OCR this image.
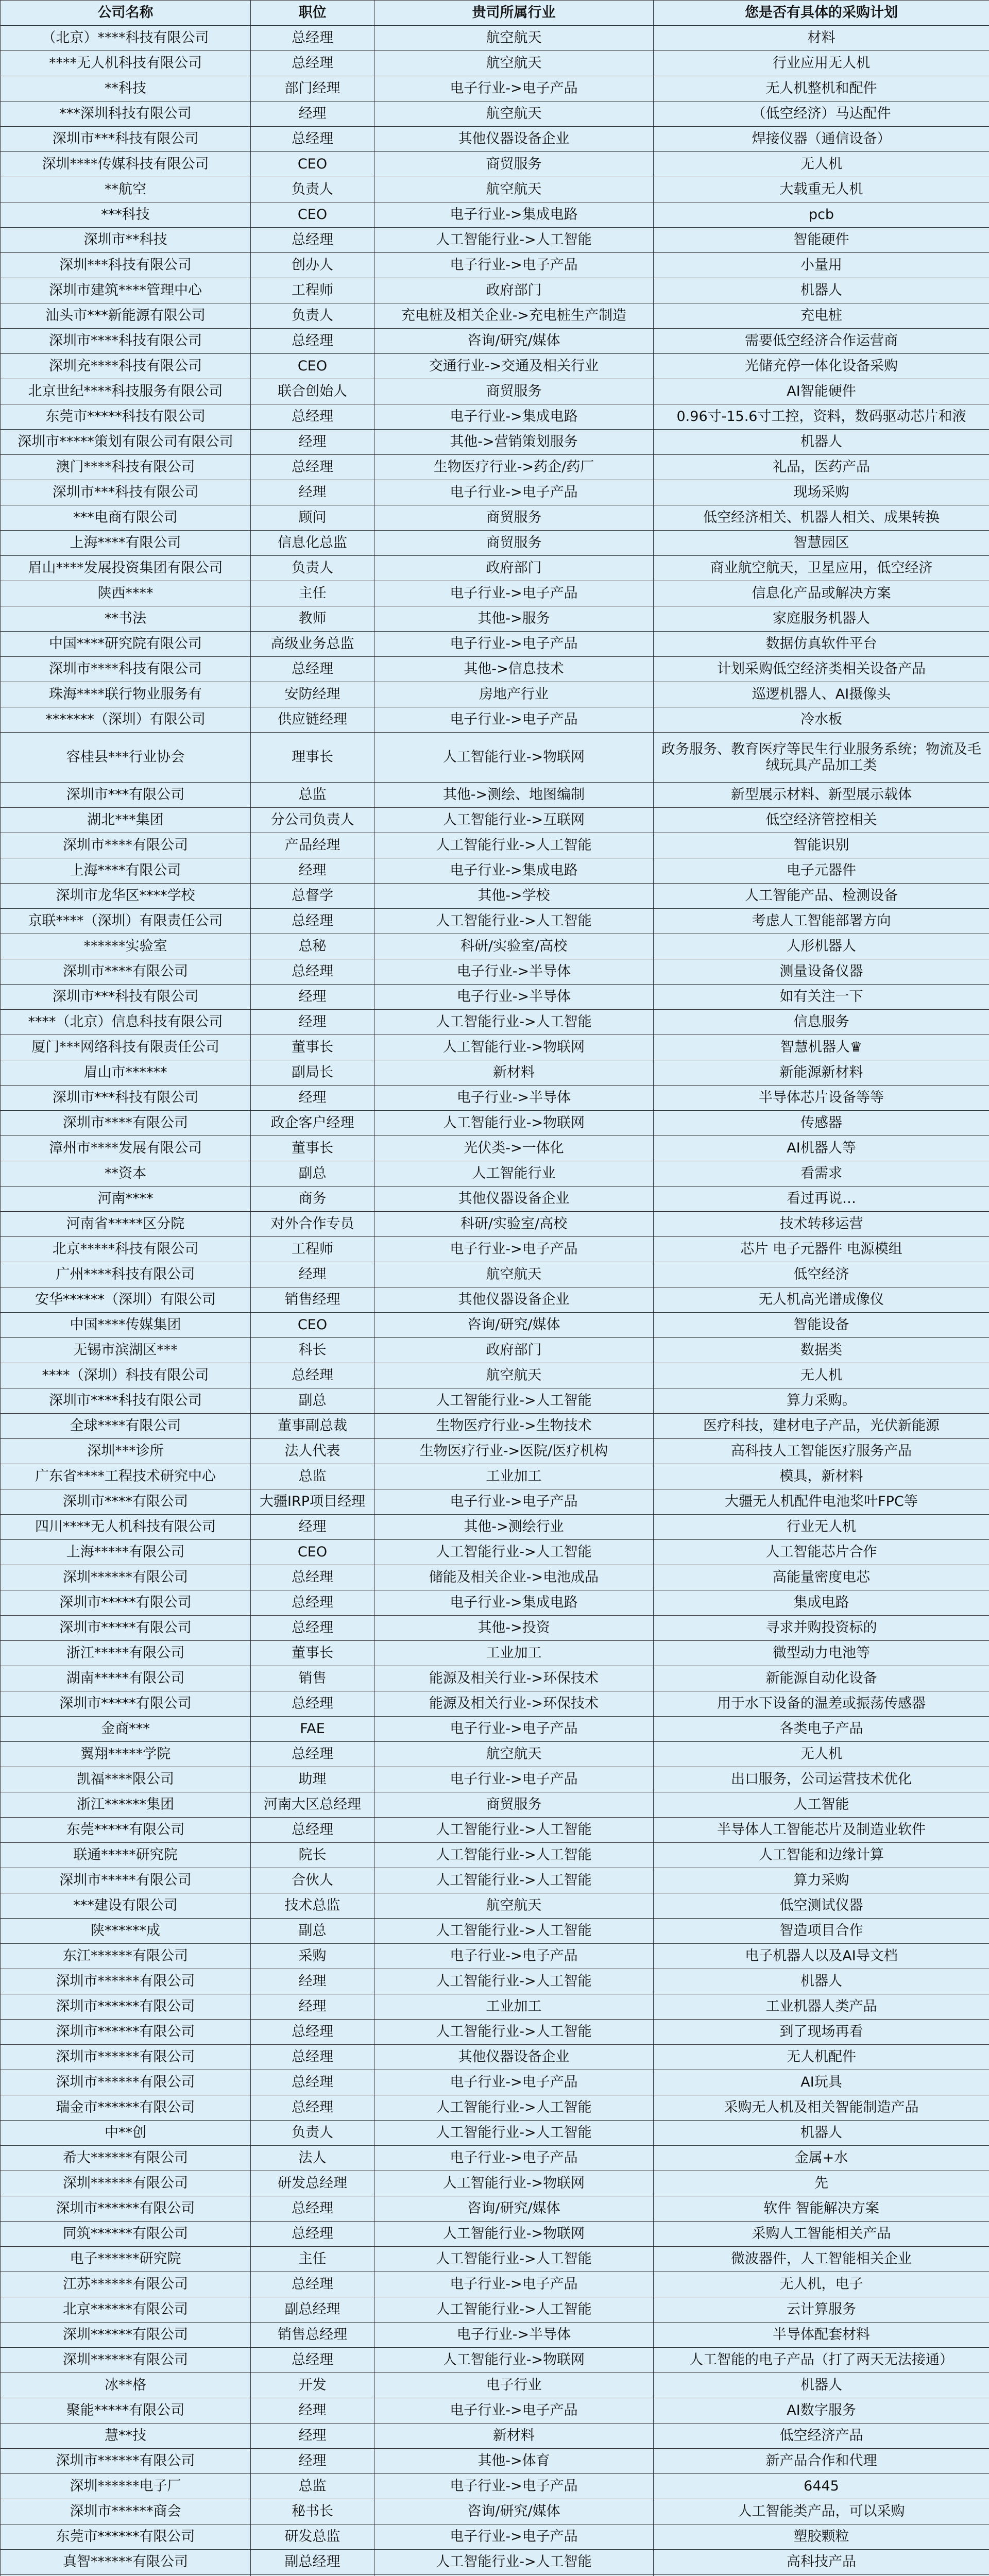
公司名称	职位	贵司所属行业	您是否有具体的采购计划
（北京）****科技有限公司	总经理	航空航天	材料
****无人机科技有限公司	总经理	航空航天	行业应用无人机
**科技	部门经理	电子行业->电子产品	无人机整机和配件
***深圳科技有限公司	经理	航空航天	（低空经济）马达配件
深圳市***科技有限公司	总经理	其他仪器设备企业	焊接仪器（通信设备）
深圳****传媒科技有限公司	CEO	商贸服务	无人机
**航空	负责人	航空航天	大载重无人机
***科技	CEO	电子行业->集成电路	pcb
深圳市**科技	总经理	人工智能行业->人工智能	智能硬件
深圳***科技有限公司	创办人	电子行业->电子产品	小量用
深圳市建筑****管理中心	工程师	政府部门	机器人
汕头市***新能源有限公司	负责人	充电桩及相关企业->充电桩生产制造	充电桩
深圳市****科技有限公司	总经理	咨询/研究/媒体	需要低空经济合作运营商
深圳充****科技有限公司	CEO	交通行业->交通及相关行业	光储充停一体化设备采购
北京世纪****科技服务有限公司	联合创始人	商贸服务	AI智能硬件
东莞市*****科技有限公司	总经理	电子行业->集成电路	0.96寸-15.6寸工控，资料，数码驱动芯片和液
深圳市*****策划有限公司有限公司	经理	其他->营销策划服务	机器人
澳门****科技有限公司	总经理	生物医疗行业->药企/药厂	礼品，医药产品
深圳市***科技有限公司	经理	电子行业->电子产品	现场采购
***电商有限公司	顾问	商贸服务	低空经济相关、机器人相关、成果转换
上海****有限公司	信息化总监	商贸服务	智慧园区
眉山****发展投资集团有限公司	负责人	政府部门	商业航空航天，卫星应用，低空经济
陕西****	主任	电子行业->电子产品	信息化产品或解决方案
**书法	教师	其他->服务	家庭服务机器人
中国****研究院有限公司	高级业务总监	电子行业->电子产品	数据仿真软件平台
深圳市****科技有限公司	总经理	其他->信息技术	计划采购低空经济类相关设备产品
珠海****联行物业服务有	安防经理	房地产行业	巡逻机器人、AI摄像头
*******（深圳）有限公司	供应链经理	电子行业->电子产品	冷水板
容桂县***行业协会	理事长	人工智能行业->物联网	政务服务、教育医疗等民生行业服务系统；物流及毛绒玩具产品加工类
深圳市***有限公司	总监	其他->测绘、地图编制	新型展示材料、新型展示载体
湖北***集团	分公司负责人	人工智能行业->互联网	低空经济管控相关
深圳市****有限公司	产品经理	人工智能行业->人工智能	智能识别
上海****有限公司	经理	电子行业->集成电路	电子元器件
深圳市龙华区****学校	总督学	其他->学校	人工智能产品、检测设备
京联****（深圳）有限责任公司	总经理	人工智能行业->人工智能	考虑人工智能部署方向
******实验室	总秘	科研/实验室/高校	人形机器人
深圳市****有限公司	总经理	电子行业->半导体	测量设备仪器
深圳市***科技有限公司	经理	电子行业->半导体	如有关注一下
****（北京）信息科技有限公司	经理	人工智能行业->人工智能	信息服务
厦门***网络科技有限责任公司	董事长	人工智能行业->物联网	智慧机器人♛
眉山市******	副局长	新材料	新能源新材料
深圳市***科技有限公司	经理	电子行业->半导体	半导体芯片设备等等
深圳市****有限公司	政企客户经理	人工智能行业->物联网	传感器
漳州市****发展有限公司	董事长	光伏类->一体化	AI机器人等
**资本	副总	人工智能行业	看需求
河南****	商务	其他仪器设备企业	看过再说…
河南省*****区分院	对外合作专员	科研/实验室/高校	技术转移运营
北京*****科技有限公司	工程师	电子行业->电子产品	芯片 电子元器件 电源模组
广州****科技有限公司	经理	航空航天	低空经济
安华******（深圳）有限公司	销售经理	其他仪器设备企业	无人机高光谱成像仪
中国****传媒集团	CEO	咨询/研究/媒体	智能设备
无锡市滨湖区***	科长	政府部门	数据类
****（深圳）科技有限公司	总经理	航空航天	无人机
深圳市****科技有限公司	副总	人工智能行业->人工智能	算力采购。
全球****有限公司	董事副总裁	生物医疗行业->生物技术	医疗科技，建材电子产品，光伏新能源
深圳***诊所	法人代表	生物医疗行业->医院/医疗机构	高科技人工智能医疗服务产品
广东省****工程技术研究中心	总监	工业加工	模具，新材料
深圳市****有限公司	大疆IRP项目经理	电子行业->电子产品	大疆无人机配件电池桨叶FPC等
四川****无人机科技有限公司	经理	其他->测绘行业	行业无人机
上海*****有限公司	CEO	人工智能行业->人工智能	人工智能芯片合作
深圳******有限公司	总经理	储能及相关企业->电池成品	高能量密度电芯
深圳市*****有限公司	总经理	电子行业->集成电路	集成电路
深圳市*****有限公司	总经理	其他->投资	寻求并购投资标的
浙江*****有限公司	董事长	工业加工	微型动力电池等
湖南*****有限公司	销售	能源及相关行业->环保技术	新能源自动化设备
深圳市*****有限公司	总经理	能源及相关行业->环保技术	用于水下设备的温差或振荡传感器
金商***	FAE	电子行业->电子产品	各类电子产品
翼翔*****学院	总经理	航空航天	无人机
凯福****限公司	助理	电子行业->电子产品	出口服务，公司运营技术优化
浙江******集团	河南大区总经理	商贸服务	人工智能
东莞*****有限公司	总经理	人工智能行业->人工智能	半导体人工智能芯片及制造业软件
联通*****研究院	院长	人工智能行业->人工智能	人工智能和边缘计算
深圳市*****有限公司	合伙人	人工智能行业->人工智能	算力采购
***建设有限公司	技术总监	航空航天	低空测试仪器
陕******成	副总	人工智能行业->人工智能	智造项目合作
东江******有限公司	采购	电子行业->电子产品	电子机器人以及AI导文档
深圳市******有限公司	经理	人工智能行业->人工智能	机器人
深圳市******有限公司	经理	工业加工	工业机器人类产品
深圳市******有限公司	总经理	人工智能行业->人工智能	到了现场再看
深圳市******有限公司	总经理	其他仪器设备企业	无人机配件
深圳市******有限公司	总经理	电子行业->电子产品	AI玩具
瑞金市******有限公司	总经理	人工智能行业->人工智能	采购无人机及相关智能制造产品
中**创	负责人	人工智能行业->人工智能	机器人
希大******有限公司	法人	电子行业->电子产品	金属+水
深圳******有限公司	研发总经理	人工智能行业->物联网	先
深圳市******有限公司	总经理	咨询/研究/媒体	软件 智能解决方案
同筑******有限公司	总经理	人工智能行业->物联网	采购人工智能相关产品
电子******研究院	主任	人工智能行业->人工智能	微波器件，人工智能相关企业
江苏******有限公司	总经理	电子行业->电子产品	无人机，电子
北京******有限公司	副总经理	人工智能行业->人工智能	云计算服务
深圳******有限公司	销售总经理	电子行业->半导体	半导体配套材料
深圳******有限公司	总经理	人工智能行业->物联网	人工智能的电子产品（打了两天无法接通）
冰**格	开发	电子行业	机器人
聚能*****有限公司	经理	电子行业->电子产品	AI数字服务
慧**技	经理	新材料	低空经济产品
深圳市******有限公司	经理	其他->体育	新产品合作和代理
深圳******电子厂	总监	电子行业->电子产品	6445
深圳市******商会	秘书长	咨询/研究/媒体	人工智能类产品，可以采购
东莞市******有限公司	研发总监	电子行业->电子产品	塑胶颗粒
真智******有限公司	副总经理	人工智能行业->人工智能	高科技产品
